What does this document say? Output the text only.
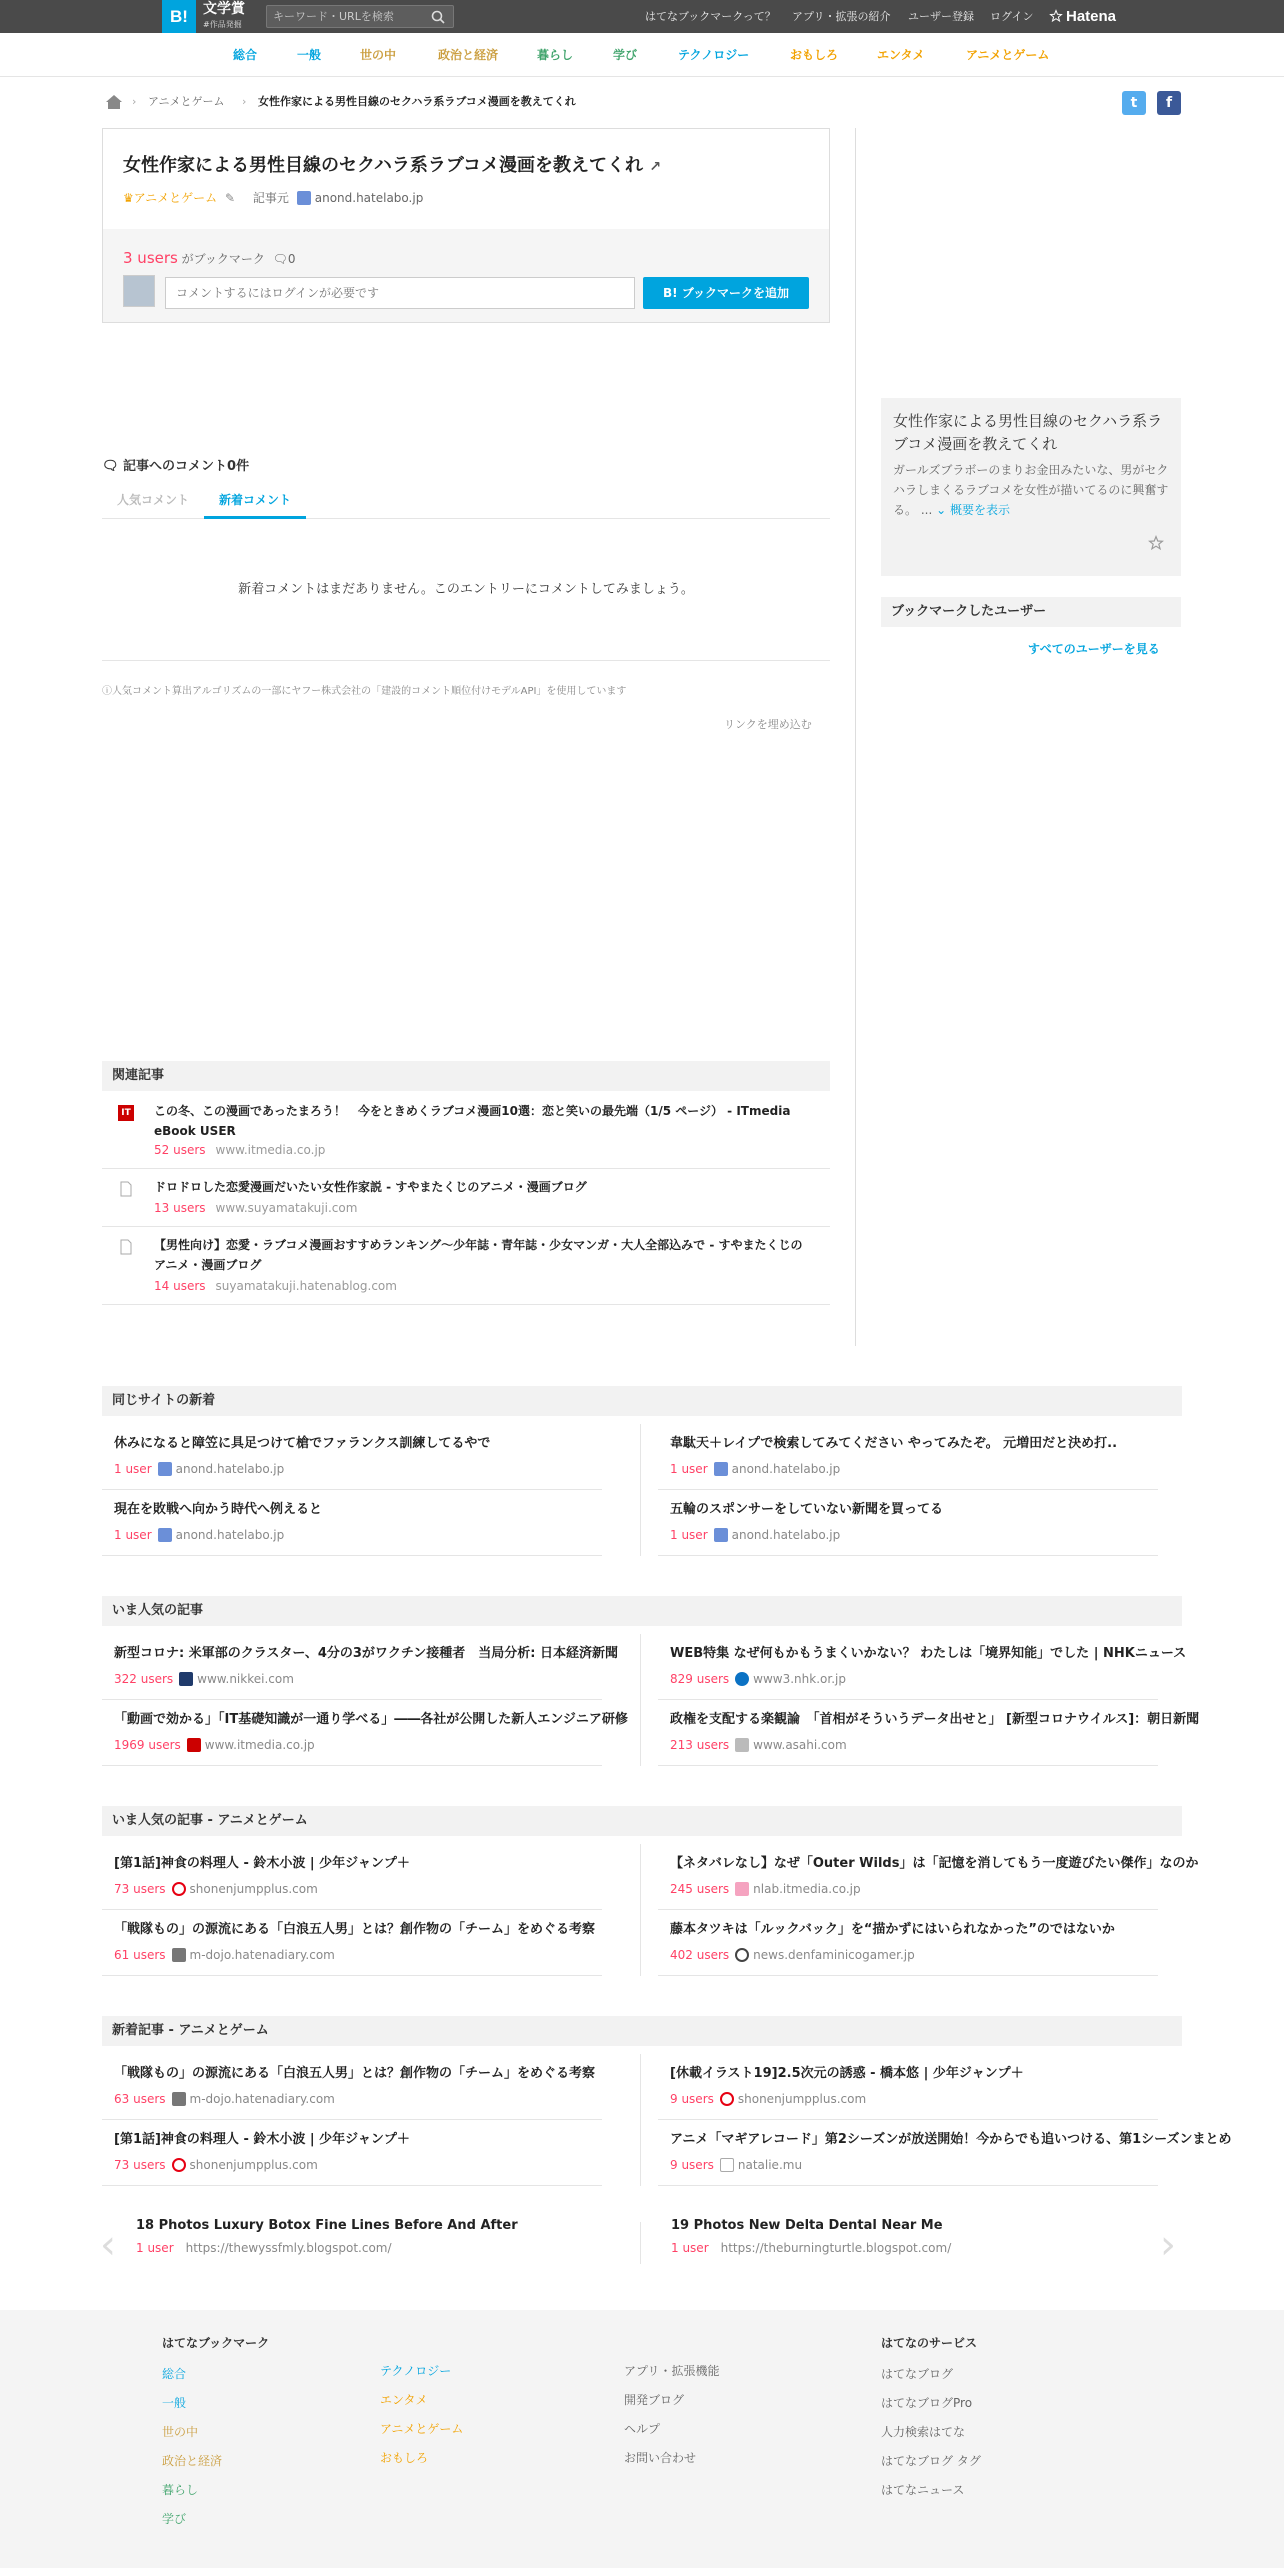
B!	文学賞
#作品発掘
キーワード・URLを検索
はてなブックマークって？ アプリ・拡張の紹介 ユーザー登録 ログイン Hatena
総合	一般	世の中	政治と経済	暮らし	学び	テクノロジー	おもしろ	エンタメ	アニメとゲーム
› アニメとゲーム › 女性作家による男性目線のセクハラ系ラブコメ漫画を教えてくれ	t	f
女性作家による男性目線のセクハラ系ラブコメ漫画を教えてくれ ↗
♛アニメとゲーム ✎ 記事元 anond.hatelabo.jp
3 users がブックマーク 🗨︎0
コメントするにはログインが必要です
B! ブックマークを追加
🗨︎ 記事へのコメント0件
人気コメント	新着コメント
新着コメントはまだありません。このエントリーにコメントしてみましょう。
ⓘ人気コメント算出アルゴリズムの一部にヤフー株式会社の「建設的コメント順位付けモデルAPI」を使用しています
リンクを埋め込む
関連記事
IT この冬、この漫画であったまろう！　今をときめくラブコメ漫画10選：恋と笑いの最先端（1/5 ページ） - ITmedia eBook USER
52 users www.itmedia.co.jp
ドロドロした恋愛漫画だいたい女性作家説 - すやまたくじのアニメ・漫画ブログ
13 users www.suyamatakuji.com
【男性向け】恋愛・ラブコメ漫画おすすめランキング～少年誌・青年誌・少女マンガ・大人全部込みで - すやまたくじのアニメ・漫画ブログ
14 users suyamatakuji.hatenablog.com
女性作家による男性目線のセクハラ系ラブコメ漫画を教えてくれ
ガールズブラボーのまりお金田みたいな、男がセクハラしまくるラブコメを女性が描いてるのに興奮する。 ... ⌄ 概要を表示
ブックマークしたユーザー
すべてのユーザーを見る
同じサイトの新着
休みになると障笠に具足つけて槍でファランクス訓練してるやで
1 user anond.hatelabo.jp
韋駄天＋レイプで検索してみてください やってみたぞ。 元増田だと決め打..
1 user anond.hatelabo.jp
現在を敗戦へ向かう時代へ例えると
1 user anond.hatelabo.jp
五輪のスポンサーをしていない新聞を買ってる
1 user anond.hatelabo.jp
いま人気の記事
新型コロナ: 米軍部のクラスター、4分の3がワクチン接種者　当局分析: 日本経済新聞
322 users www.nikkei.com
WEB特集 なぜ何もかもうまくいかない？ わたしは「境界知能」でした | NHKニュース
829 users www3.nhk.or.jp
「動画で効かる」「IT基礎知識が一通り学べる」――各社が公開した新人エンジニア研修
1969 users www.itmedia.co.jp
政権を支配する楽観論　「首相がそういうデータ出せと」 [新型コロナウイルス]：朝日新聞
213 users www.asahi.com
いま人気の記事 - アニメとゲーム
[第1話]神食の料理人 - 鈴木小波 | 少年ジャンプ＋
73 users shonenjumpplus.com
【ネタバレなし】なぜ「Outer Wilds」は「記憶を消してもう一度遊びたい傑作」なのか
245 users nlab.itmedia.co.jp
「戦隊もの」の源流にある「白浪五人男」とは？創作物の「チーム」をめぐる考察
61 users m-dojo.hatenadiary.com
藤本タツキは「ルックバック」を“描かずにはいられなかった”のではないか
402 users news.denfaminicogamer.jp
新着記事 - アニメとゲーム
「戦隊もの」の源流にある「白浪五人男」とは？創作物の「チーム」をめぐる考察
63 users m-dojo.hatenadiary.com
[休載イラスト19]2.5次元の誘惑 - 橋本悠 | 少年ジャンプ＋
9 users shonenjumpplus.com
[第1話]神食の料理人 - 鈴木小波 | 少年ジャンプ＋
73 users shonenjumpplus.com
アニメ「マギアレコード」第2シーズンが放送開始！今からでも追いつける、第1シーズンまとめ
9 users natalie.mu
‹ 18 Photos Luxury Botox Fine Lines Before And After
1 user https://thewyssfmly.blogspot.com/
19 Photos New Delta Dental Near Me
1 user https://theburningturtle.blogspot.com/	›
はてなブックマーク
総合
一般
世の中
政治と経済
暮らし
学び
テクノロジー
エンタメ
アニメとゲーム
おもしろ
アプリ・拡張機能
開発ブログ
ヘルプ
お問い合わせ
はてなのサービス
はてなブログ
はてなブログPro
人力検索はてな
はてなブログ タグ
はてなニュース
